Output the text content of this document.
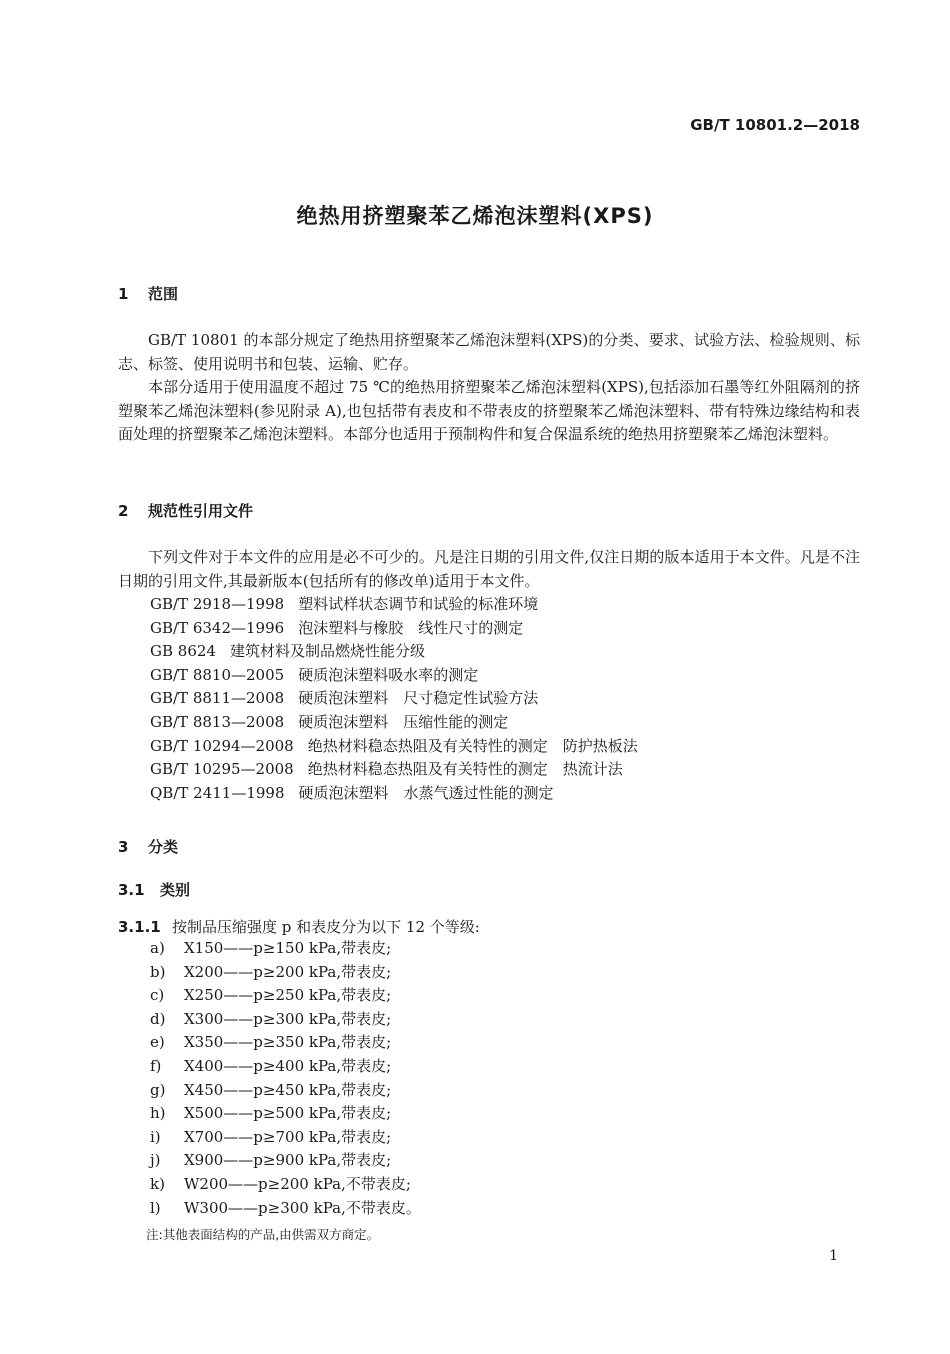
GB/T 10801.2—2018
绝热用挤塑聚苯乙烯泡沫塑料(XPS)
1 范围
GB/T 10801 的本部分规定了绝热用挤塑聚苯乙烯泡沫塑料(XPS)的分类、要求、试验方法、检验规则、标志、标签、使用说明书和包装、运输、贮存。
本部分适用于使用温度不超过 75 ℃的绝热用挤塑聚苯乙烯泡沫塑料(XPS),包括添加石墨等红外阻隔剂的挤塑聚苯乙烯泡沫塑料(参见附录 A),也包括带有表皮和不带表皮的挤塑聚苯乙烯泡沫塑料、带有特殊边缘结构和表面处理的挤塑聚苯乙烯泡沫塑料。本部分也适用于预制构件和复合保温系统的绝热用挤塑聚苯乙烯泡沫塑料。
2 规范性引用文件
下列文件对于本文件的应用是必不可少的。凡是注日期的引用文件,仅注日期的版本适用于本文件。凡是不注日期的引用文件,其最新版本(包括所有的修改单)适用于本文件。
GB/T 2918—1998 塑料试样状态调节和试验的标准环境
GB/T 6342—1996 泡沫塑料与橡胶　线性尺寸的测定
GB 8624 建筑材料及制品燃烧性能分级
GB/T 8810—2005 硬质泡沫塑料吸水率的测定
GB/T 8811—2008 硬质泡沫塑料　尺寸稳定性试验方法
GB/T 8813—2008 硬质泡沫塑料　压缩性能的测定
GB/T 10294—2008 绝热材料稳态热阻及有关特性的测定　防护热板法
GB/T 10295—2008 绝热材料稳态热阻及有关特性的测定　热流计法
QB/T 2411—1998 硬质泡沫塑料　水蒸气透过性能的测定
3 分类
3.1 类别
3.1.1 按制品压缩强度 p 和表皮分为以下 12 个等级:
a) X150——p≥150 kPa,带表皮;
b) X200——p≥200 kPa,带表皮;
c) X250——p≥250 kPa,带表皮;
d) X300——p≥300 kPa,带表皮;
e) X350——p≥350 kPa,带表皮;
f) X400——p≥400 kPa,带表皮;
g) X450——p≥450 kPa,带表皮;
h) X500——p≥500 kPa,带表皮;
i) X700——p≥700 kPa,带表皮;
j) X900——p≥900 kPa,带表皮;
k) W200——p≥200 kPa,不带表皮;
l) W300——p≥300 kPa,不带表皮。
注:其他表面结构的产品,由供需双方商定。
1
